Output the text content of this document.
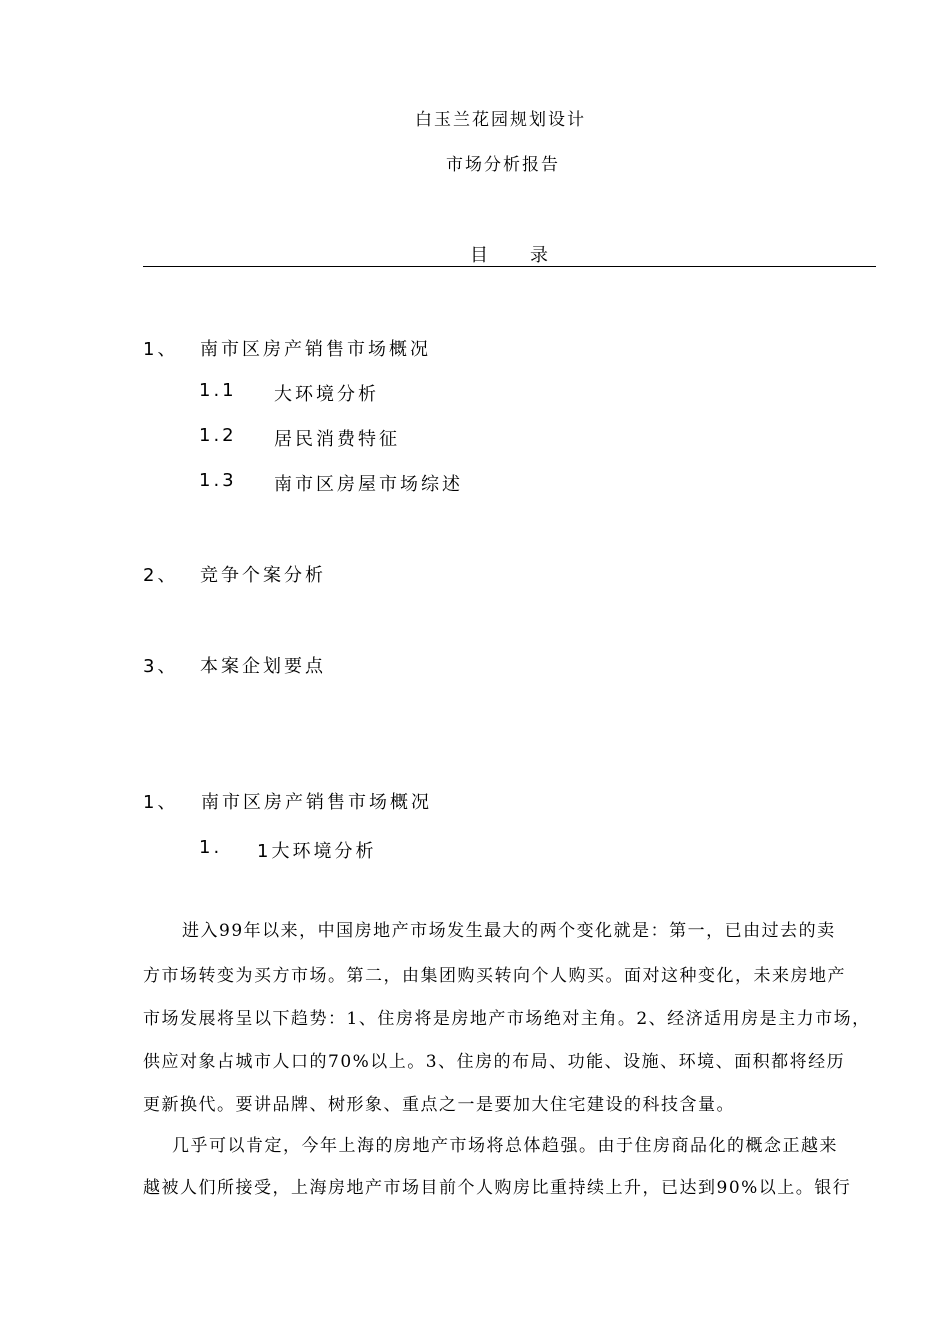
白玉兰花园规划设计
市场分析报告
目 录
1、 南市区房产销售市场概况
1.1 大环境分析
1.2 居民消费特征
1.3 南市区房屋市场综述
2、 竞争个案分析
3、 本案企划要点
1、 南市区房产销售市场概况
1. 1大环境分析
进入99年以来，中国房地产市场发生最大的两个变化就是：第一，已由过去的卖
方市场转变为买方市场。第二，由集团购买转向个人购买。面对这种变化，未来房地产
市场发展将呈以下趋势：1、住房将是房地产市场绝对主角。2、经济适用房是主力市场，
供应对象占城市人口的70%以上。3、住房的布局、功能、设施、环境、面积都将经历
更新换代。要讲品牌、树形象、重点之一是要加大住宅建设的科技含量。
几乎可以肯定，今年上海的房地产市场将总体趋强。由于住房商品化的概念正越来
越被人们所接受，上海房地产市场目前个人购房比重持续上升，已达到90%以上。银行
